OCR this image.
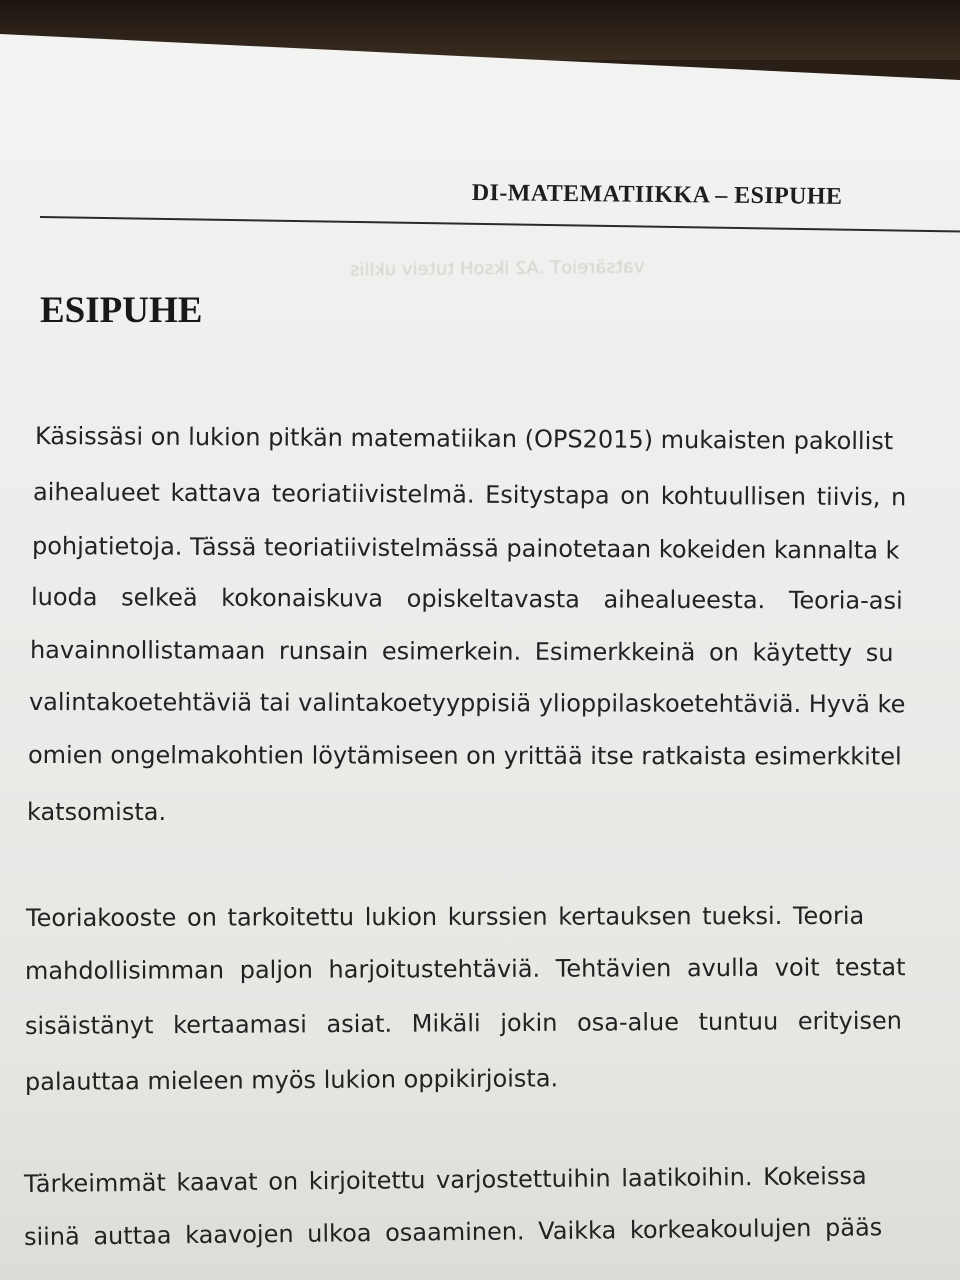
vatsäreioT .A2 iksoH tuteiv ukllis
DI-MATEMATIIKKA – ESIPUHE
ESIPUHE
Käsissäsi on lukion pitkän matematiikan (OPS2015) mukaisten pakollist
aihealueet kattava teoriatiivistelmä. Esitystapa on kohtuullisen tiivis, n
pohjatietoja. Tässä teoriatiivistelmässä painotetaan kokeiden kannalta k
luoda selkeä kokonaiskuva opiskeltavasta aihealueesta. Teoria-asi
havainnollistamaan runsain esimerkein. Esimerkkeinä on käytetty su
valintakoetehtäviä tai valintakoetyyppisiä ylioppilaskoetehtäviä. Hyvä ke
omien ongelmakohtien löytämiseen on yrittää itse ratkaista esimerkkitel
katsomista.
Teoriakooste on tarkoitettu lukion kurssien kertauksen tueksi. Teoria
mahdollisimman paljon harjoitustehtäviä. Tehtävien avulla voit testat
sisäistänyt kertaamasi asiat. Mikäli jokin osa-alue tuntuu erityisen
palauttaa mieleen myös lukion oppikirjoista.
Tärkeimmät kaavat on kirjoitettu varjostettuihin laatikoihin. Kokeissa
siinä auttaa kaavojen ulkoa osaaminen. Vaikka korkeakoulujen pääs
